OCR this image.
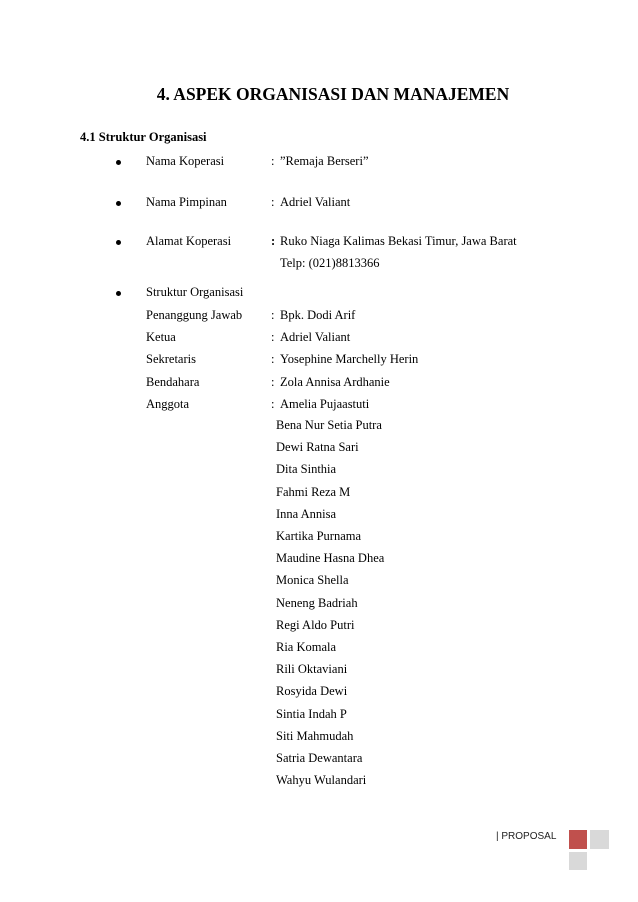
4. ASPEK ORGANISASI DAN MANAJEMEN
4.1 Struktur Organisasi
Nama Koperasi	: ”Remaja Berseri”
Nama Pimpinan	: Adriel Valiant
Alamat Koperasi	: Ruko Niaga Kalimas Bekasi Timur, Jawa Barat
Telp: (021)8813366
Struktur Organisasi
Penanggung Jawab : Bpk. Dodi Arif
Ketua	: Adriel Valiant
Sekretaris	: Yosephine Marchelly Herin
Bendahara	: Zola Annisa Ardhanie
Anggota	: Amelia Pujaastuti
Bena Nur Setia Putra
Dewi Ratna Sari
Dita Sinthia
Fahmi Reza M
Inna Annisa
Kartika Purnama
Maudine Hasna Dhea
Monica Shella
Neneng Badriah
Regi Aldo Putri
Ria Komala
Rili Oktaviani
Rosyida Dewi
Sintia Indah P
Siti Mahmudah
Satria Dewantara
Wahyu Wulandari
| PROPOSAL
